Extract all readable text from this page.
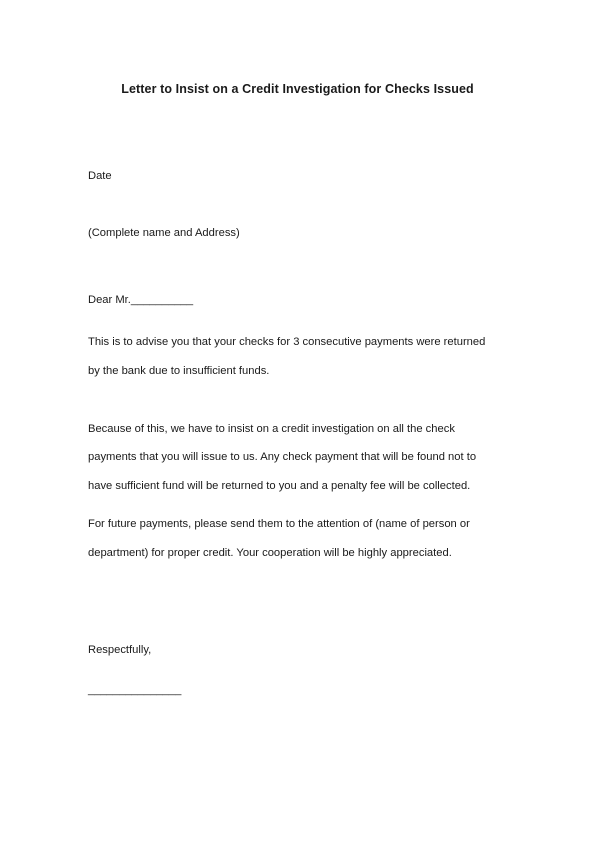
Letter to Insist on a Credit Investigation for Checks Issued
Date
(Complete name and Address)
Dear Mr.__________
This is to advise you that your checks for 3 consecutive payments were returned
by the bank due to insufficient funds.
Because of this, we have to insist on a credit investigation on all the check
payments that you will issue to us. Any check payment that will be found not to
have sufficient fund will be returned to you and a penalty fee will be collected.
For future payments, please send them to the attention of (name of person or
department) for proper credit. Your cooperation will be highly appreciated.
Respectfully,
_______________
